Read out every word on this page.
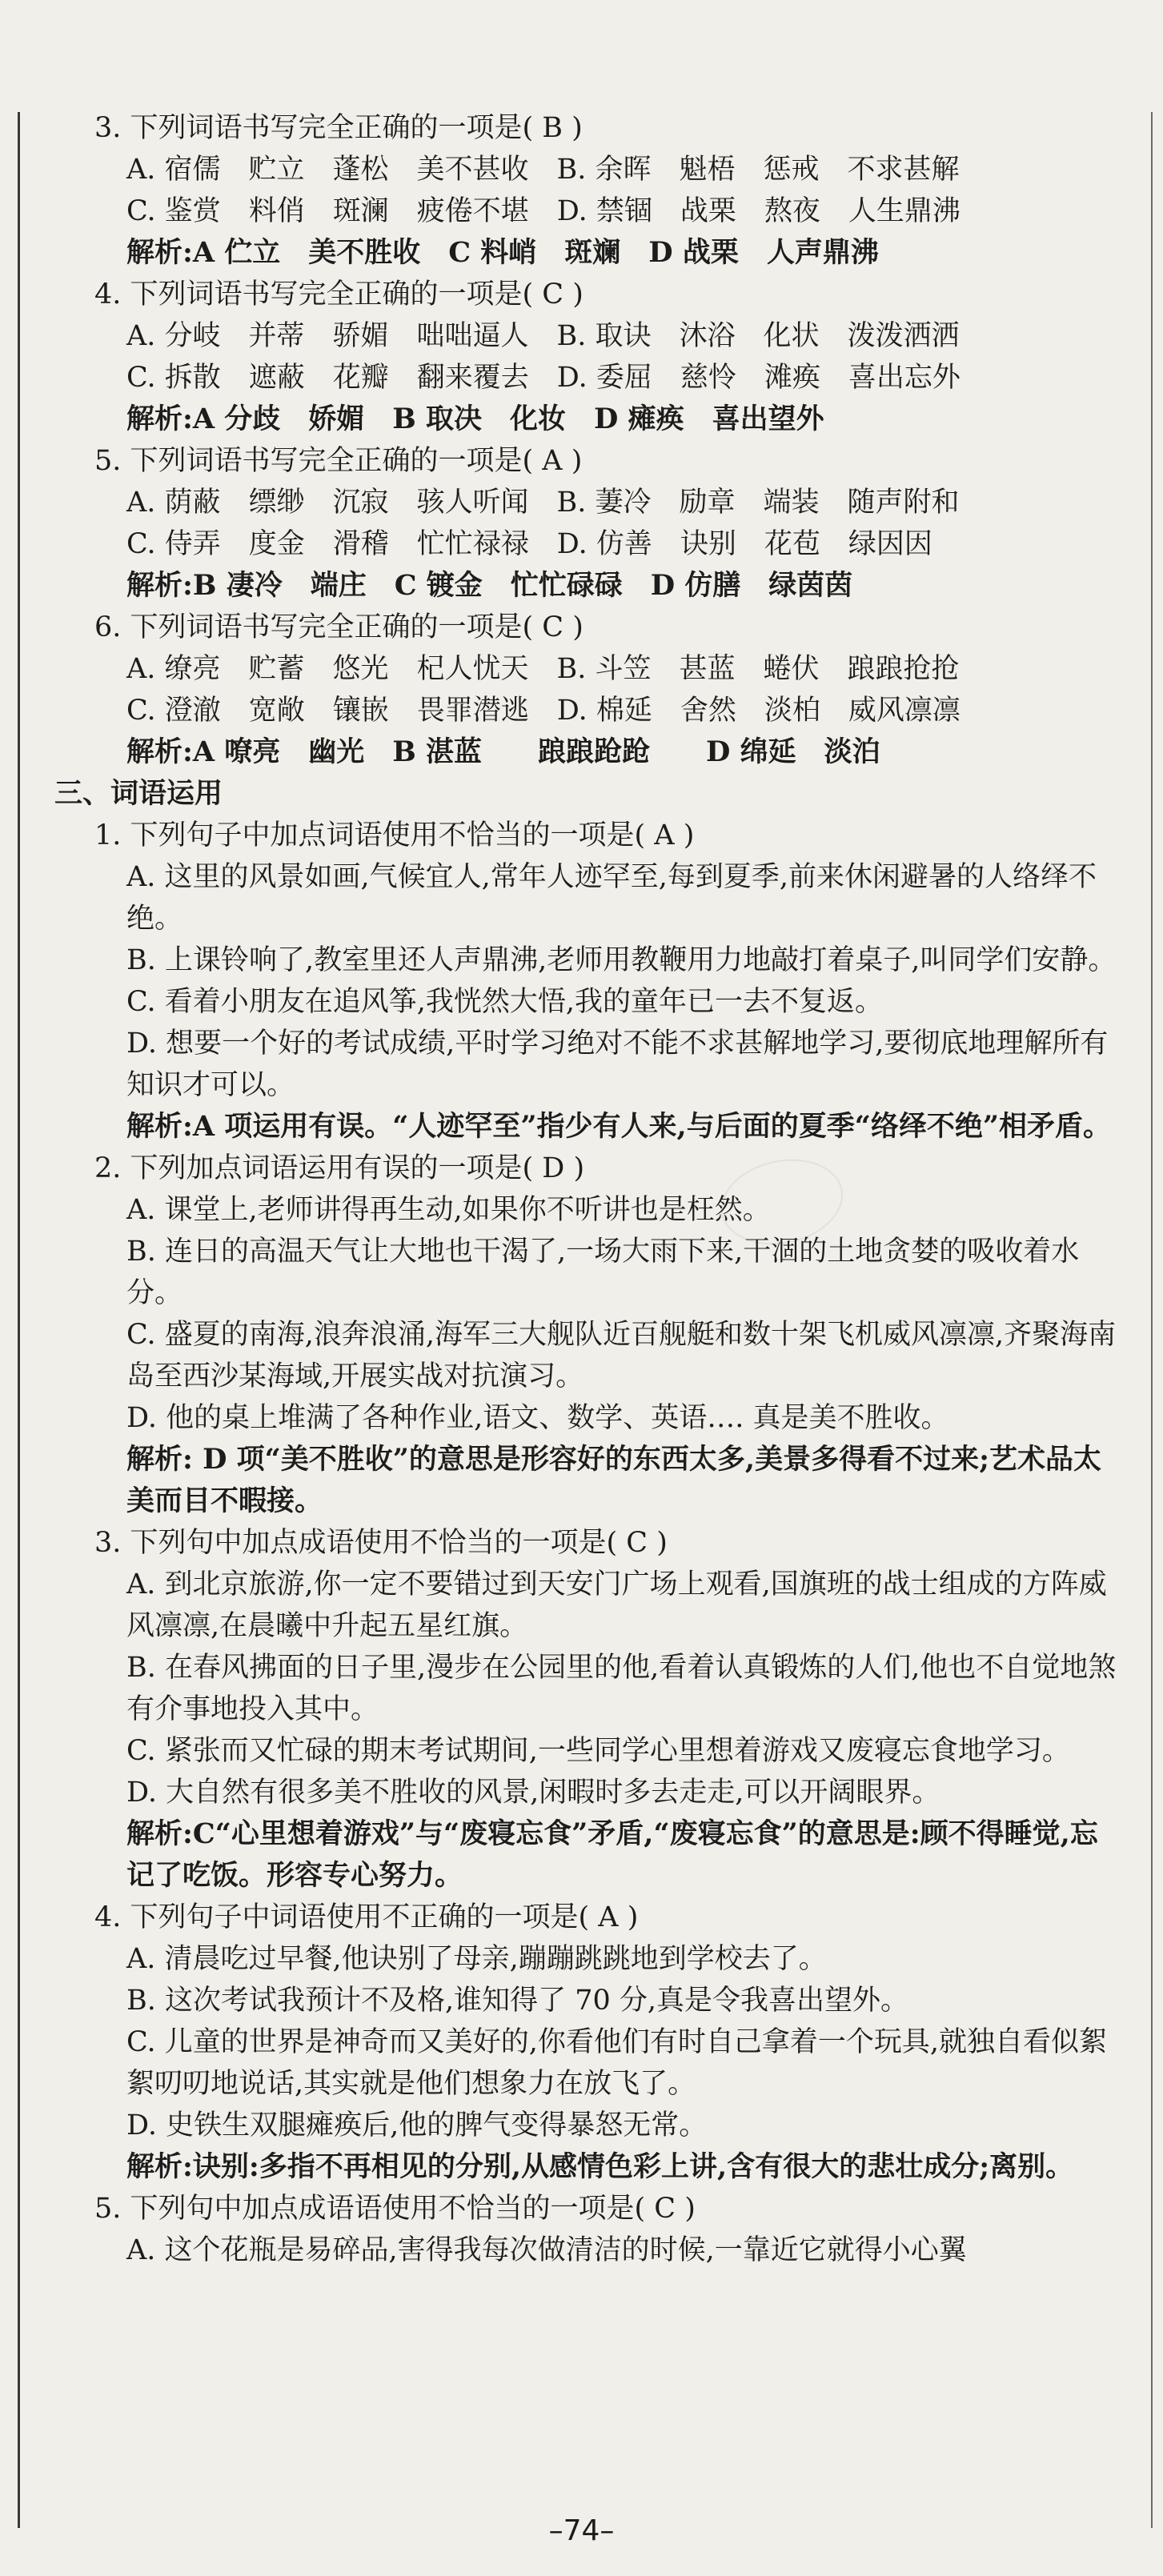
3. 下列词语书写完全正确的一项是( B )
A. 宿儒　贮立　蓬松　美不甚收　B. 余晖　魁梧　惩戒　不求甚解
C. 鉴赏　料俏　斑澜　疲倦不堪　D. 禁锢　战栗　熬夜　人生鼎沸
解析:A 伫立　美不胜收　C 料峭　斑斓　D 战栗　人声鼎沸
4. 下列词语书写完全正确的一项是( C )
A. 分岐　并蒂　骄媚　咄咄逼人　B. 取诀　沐浴　化状　泼泼洒洒
C. 拆散　遮蔽　花瓣　翻来覆去　D. 委屈　慈怜　滩痪　喜出忘外
解析:A 分歧　娇媚　B 取决　化妆　D 瘫痪　喜出望外
5. 下列词语书写完全正确的一项是( A )
A. 荫蔽　缥缈　沉寂　骇人听闻　B. 萋冷　励章　端装　随声附和
C. 侍弄　度金　滑稽　忙忙禄禄　D. 仿善　诀别　花苞　绿因因
解析:B 凄冷　端庄　C 镀金　忙忙碌碌　D 仿膳　绿茵茵
6. 下列词语书写完全正确的一项是( C )
A. 缭亮　贮蓄　悠光　杞人忧天　B. 斗笠　甚蓝　蜷伏　踉踉抢抢
C. 澄澈　宽敞　镶嵌　畏罪潜逃　D. 棉延　舍然　淡柏　威风凛凛
解析:A 嘹亮　幽光　B 湛蓝　　踉踉跄跄　　D 绵延　淡泊
三、词语运用
1. 下列句子中加点词语使用不恰当的一项是( A )
A. 这里的风景如画,气候宜人,常年人迹罕至,每到夏季,前来休闲避暑的人络绎不绝。
B. 上课铃响了,教室里还人声鼎沸,老师用教鞭用力地敲打着桌子,叫同学们安静。
C. 看着小朋友在追风筝,我恍然大悟,我的童年已一去不复返。
D. 想要一个好的考试成绩,平时学习绝对不能不求甚解地学习,要彻底地理解所有知识才可以。
解析:A 项运用有误。“人迹罕至”指少有人来,与后面的夏季“络绎不绝”相矛盾。
2. 下列加点词语运用有误的一项是( D )
A. 课堂上,老师讲得再生动,如果你不听讲也是枉然。
B. 连日的高温天气让大地也干渴了,一场大雨下来,干涸的土地贪婪的吸收着水分。
C. 盛夏的南海,浪奔浪涌,海军三大舰队近百舰艇和数十架飞机威风凛凛,齐聚海南岛至西沙某海域,开展实战对抗演习。
D. 他的桌上堆满了各种作业,语文、数学、英语…. 真是美不胜收。
解析: D 项“美不胜收”的意思是形容好的东西太多,美景多得看不过来;艺术品太美而目不暇接。
3. 下列句中加点成语使用不恰当的一项是( C )
A. 到北京旅游,你一定不要错过到天安门广场上观看,国旗班的战士组成的方阵威风凛凛,在晨曦中升起五星红旗。
B. 在春风拂面的日子里,漫步在公园里的他,看着认真锻炼的人们,他也不自觉地煞有介事地投入其中。
C. 紧张而又忙碌的期末考试期间,一些同学心里想着游戏又废寝忘食地学习。
D. 大自然有很多美不胜收的风景,闲暇时多去走走,可以开阔眼界。
解析:C“心里想着游戏”与“废寝忘食”矛盾,“废寝忘食”的意思是:顾不得睡觉,忘记了吃饭。形容专心努力。
4. 下列句子中词语使用不正确的一项是( A )
A. 清晨吃过早餐,他诀别了母亲,蹦蹦跳跳地到学校去了。
B. 这次考试我预计不及格,谁知得了 70 分,真是令我喜出望外。
C. 儿童的世界是神奇而又美好的,你看他们有时自己拿着一个玩具,就独自看似絮絮叨叨地说话,其实就是他们想象力在放飞了。
D. 史铁生双腿瘫痪后,他的脾气变得暴怒无常。
解析:诀别:多指不再相见的分别,从感情色彩上讲,含有很大的悲壮成分;离别。
5. 下列句中加点成语语使用不恰当的一项是( C )
A. 这个花瓶是易碎品,害得我每次做清洁的时候,一靠近它就得小心翼
–74–
